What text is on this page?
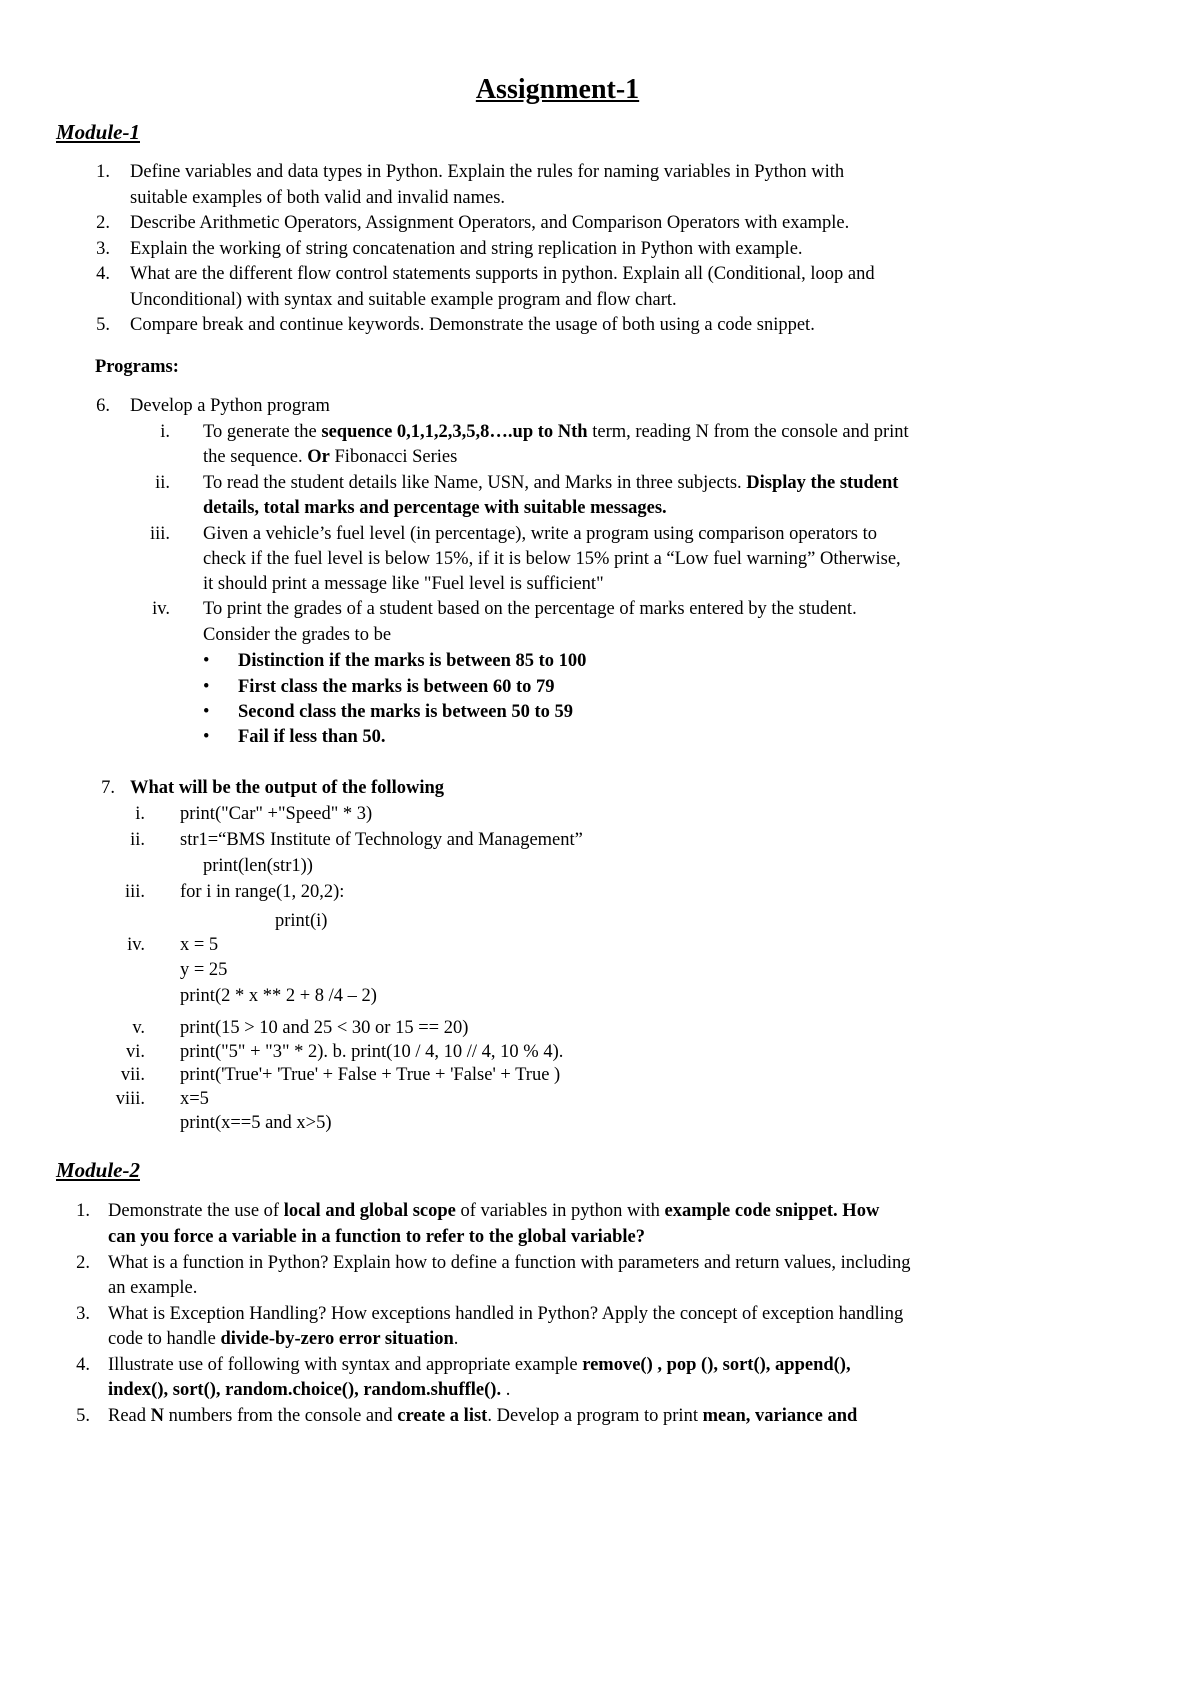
Assignment-1
Module-1
1. Define variables and data types in Python. Explain the rules for naming variables in Python with
suitable examples of both valid and invalid names.
2. Describe Arithmetic Operators, Assignment Operators, and Comparison Operators with example.
3. Explain the working of string concatenation and string replication in Python with example.
4. What are the different flow control statements supports in python. Explain all (Conditional, loop and
Unconditional) with syntax and suitable example program and flow chart.
5. Compare break and continue keywords. Demonstrate the usage of both using a code snippet.
Programs:
6. Develop a Python program
i. To generate the sequence 0,1,1,2,3,5,8….up to Nth term, reading N from the console and print
the sequence. Or Fibonacci Series
ii. To read the student details like Name, USN, and Marks in three subjects. Display the student
details, total marks and percentage with suitable messages.
iii. Given a vehicle’s fuel level (in percentage), write a program using comparison operators to
check if the fuel level is below 15%, if it is below 15% print a “Low fuel warning” Otherwise,
it should print a message like "Fuel level is sufficient"
iv. To print the grades of a student based on the percentage of marks entered by the student.
Consider the grades to be
• Distinction if the marks is between 85 to 100
• First class the marks is between 60 to 79
• Second class the marks is between 50 to 59
• Fail if less than 50.
7. What will be the output of the following
i. print("Car" +"Speed" * 3)
ii. str1=“BMS Institute of Technology and Management”
print(len(str1))
iii. for i in range(1, 20,2):
print(i)
iv. x = 5
y = 25
print(2 * x ** 2 + 8 /4 – 2)
v. print(15 > 10 and 25 < 30 or 15 == 20)
vi. print("5" + "3" * 2). b. print(10 / 4, 10 // 4, 10 % 4).
vii. print('True'+ 'True' + False + True + 'False' + True )
viii. x=5
print(x==5 and x>5)
Module-2
1. Demonstrate the use of local and global scope of variables in python with example code snippet. How
can you force a variable in a function to refer to the global variable?
2. What is a function in Python? Explain how to define a function with parameters and return values, including
an example.
3. What is Exception Handling? How exceptions handled in Python? Apply the concept of exception handling
code to handle divide-by-zero error situation.
4. Illustrate use of following with syntax and appropriate example remove() , pop (), sort(), append(),
index(), sort(), random.choice(), random.shuffle(). .
5. Read N numbers from the console and create a list. Develop a program to print mean, variance and
